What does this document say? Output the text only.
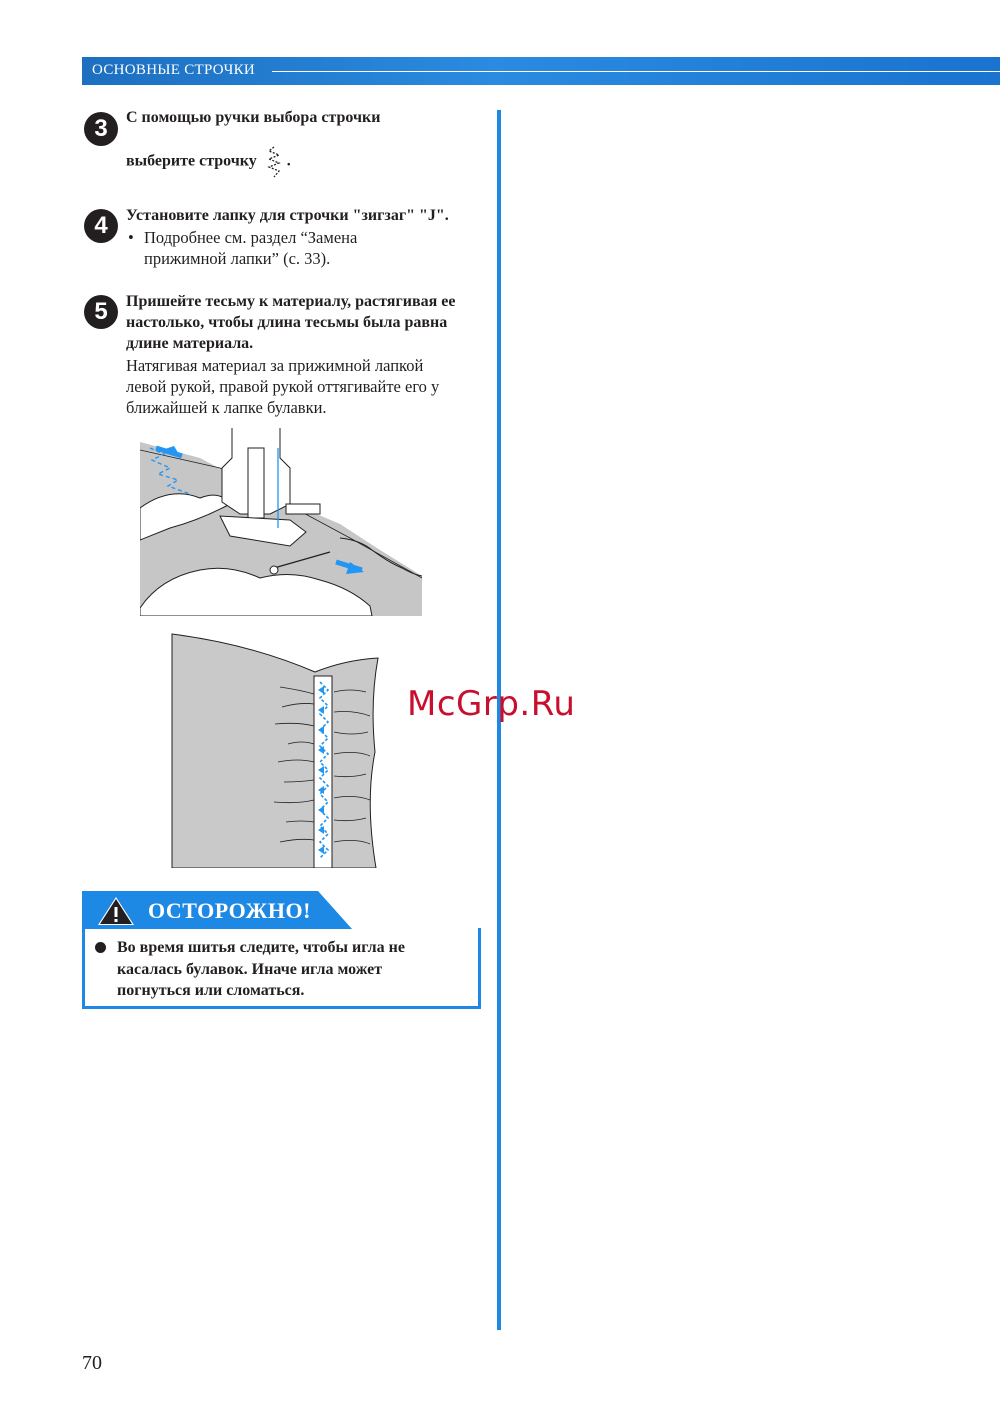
ОСНОВНЫЕ СТРОЧКИ
3	С помощью ручки выбора строчки
выберите строчку .
4	Установите лапку для строчки "зигзаг" "J".
• Подробнее см. раздел “Замена
прижимной лапки” (с. 33).
5	Пришейте тесьму к материалу, растягивая ее
настолько, чтобы длина тесьмы была равна
длине материала.
Натягивая материал за прижимной лапкой
левой рукой, правой рукой оттягивайте его у
ближайшей к лапке булавки.
ОСТОРОЖНО!
Во время шитья следите, чтобы игла не
касалась булавок. Иначе игла может
погнуться или сломаться.
McGrp.Ru
70
